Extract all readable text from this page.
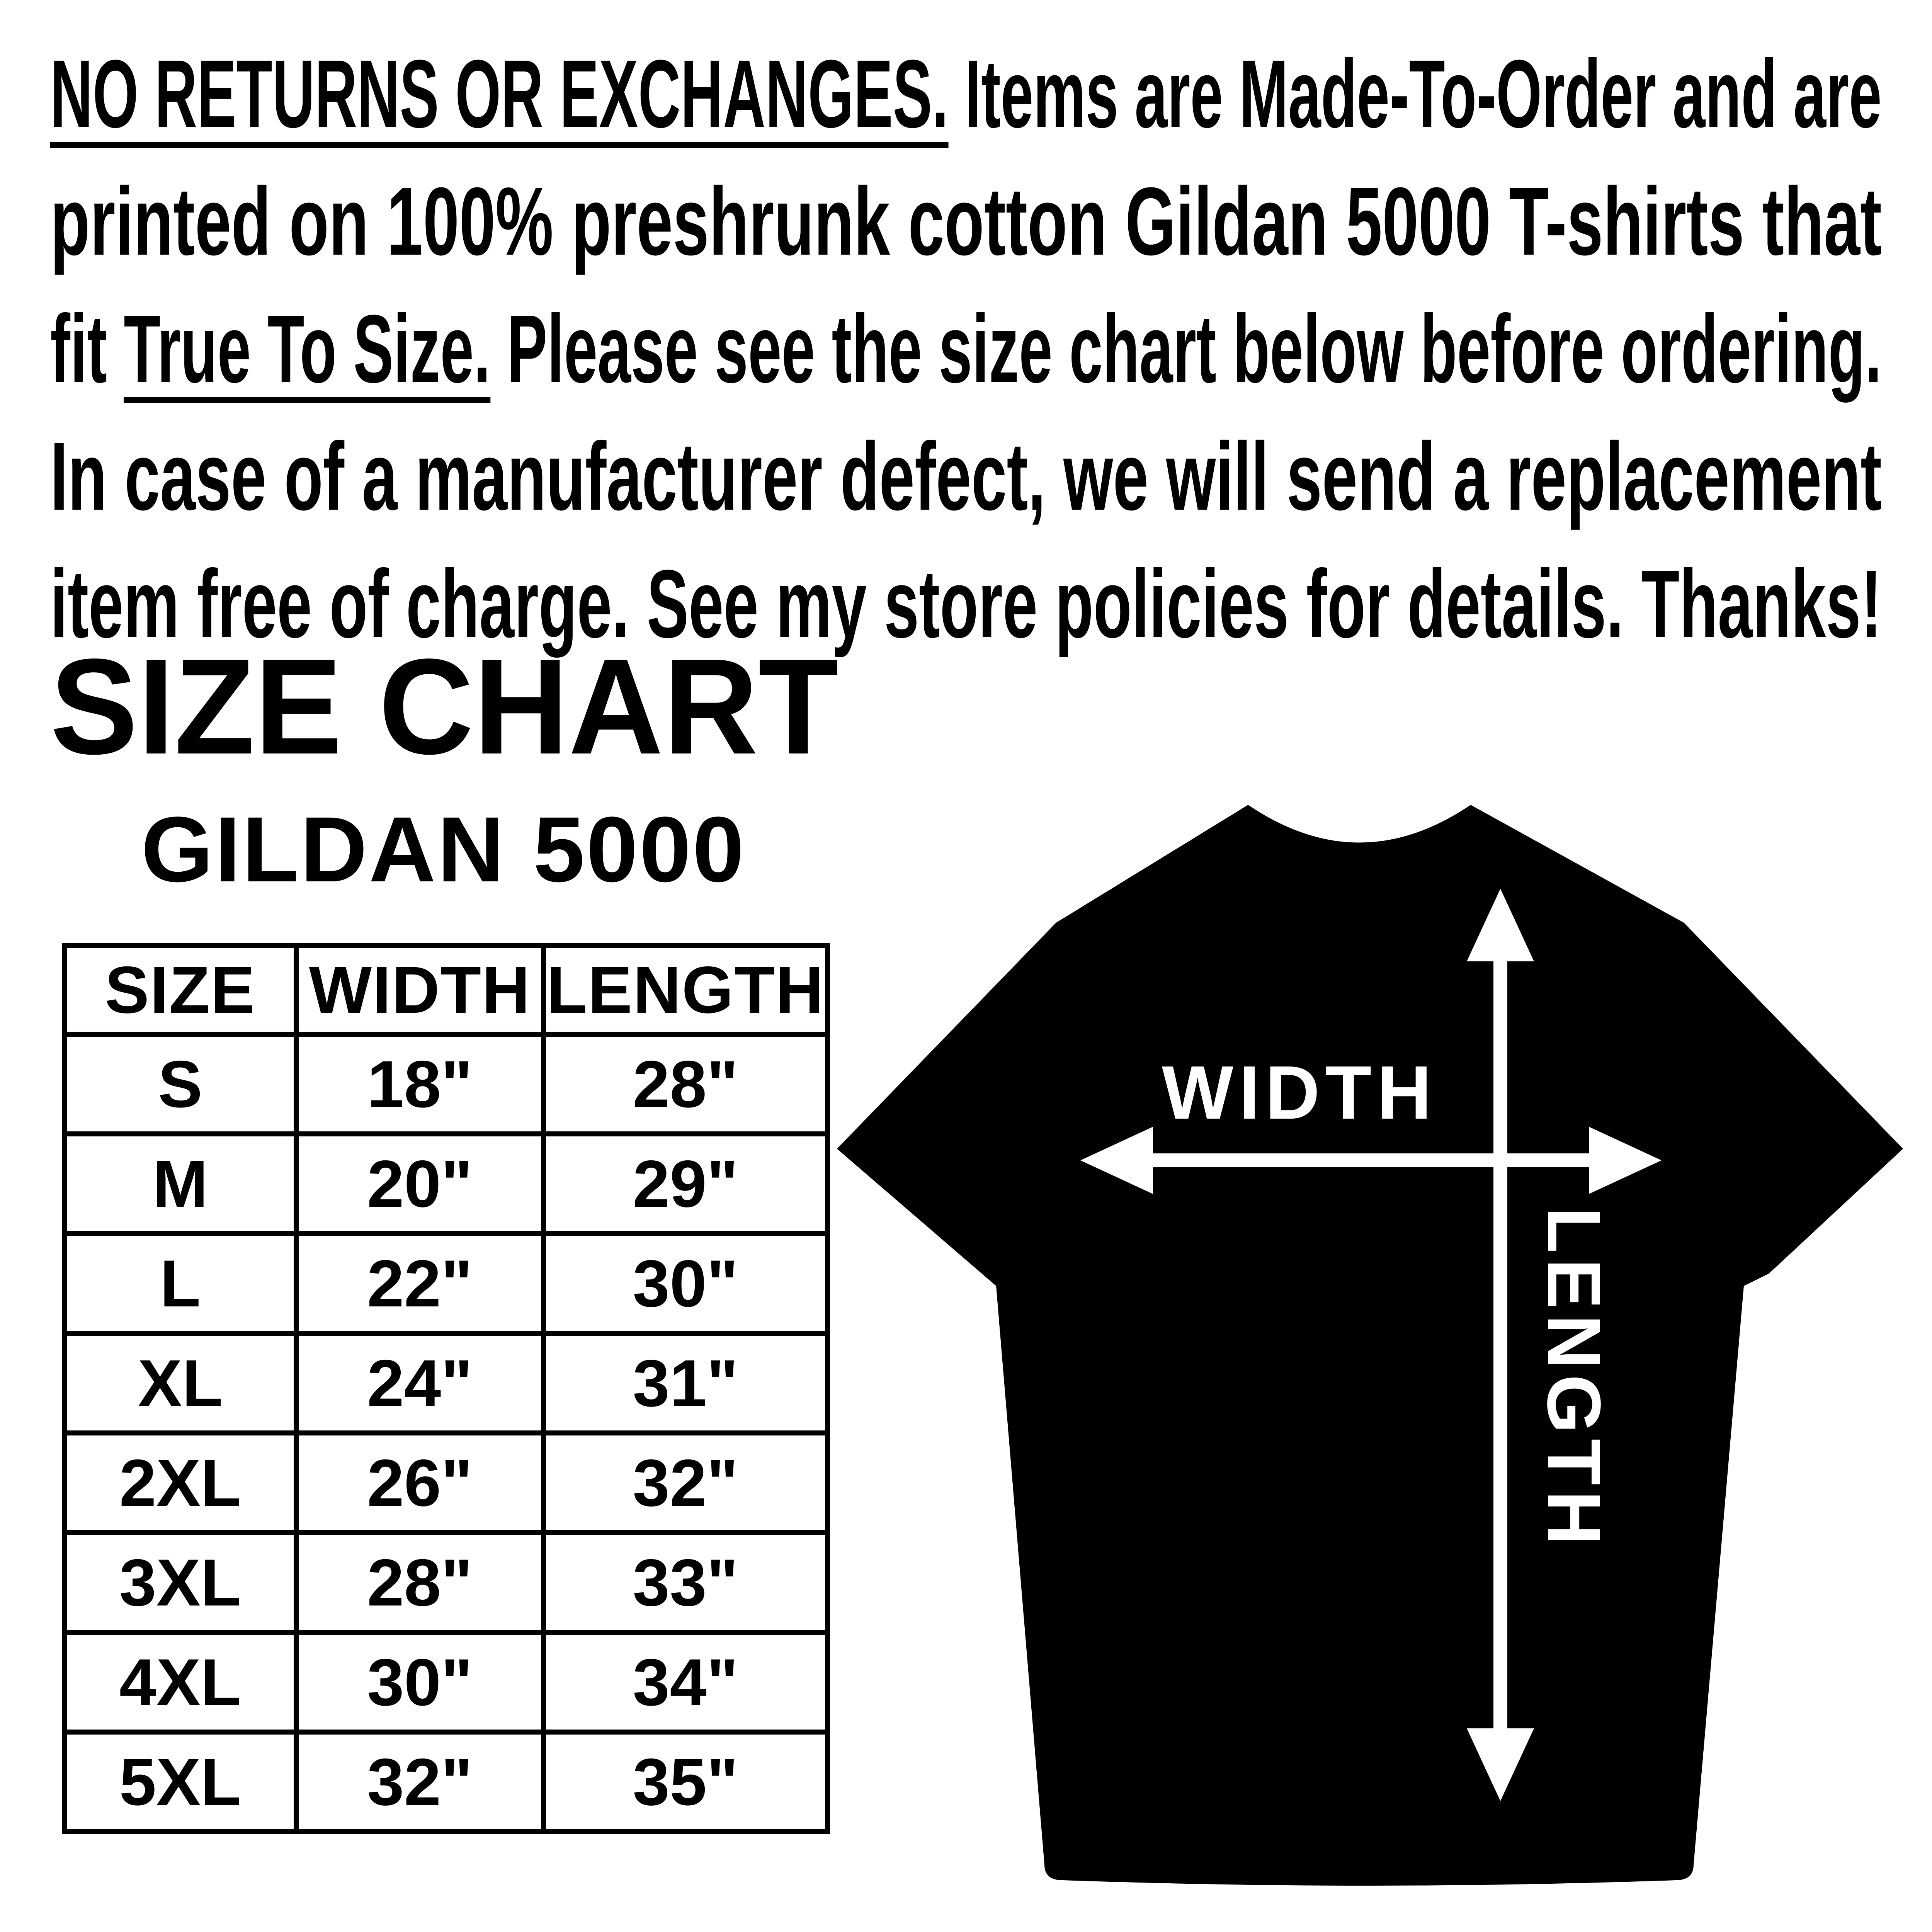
NO RETURNS OR EXCHANGES. Items are Made-To-Order and are
printed on 100% preshrunk cotton Gildan 5000 T-shirts that
fit True To Size. Please see the size chart below before ordering.
In case of a manufacturer defect, we will send a replacement
item free of charge. See my store policies for details. Thanks!
SIZE CHART
GILDAN 5000
SIZE	WIDTH	LENGTH
S	18"	28"
M	20"	29"
L	22"	30"
XL	24"	31"
2XL	26"	32"
3XL	28"	33"
4XL	30"	34"
5XL	32"	35"
WIDTH
LENGTH
